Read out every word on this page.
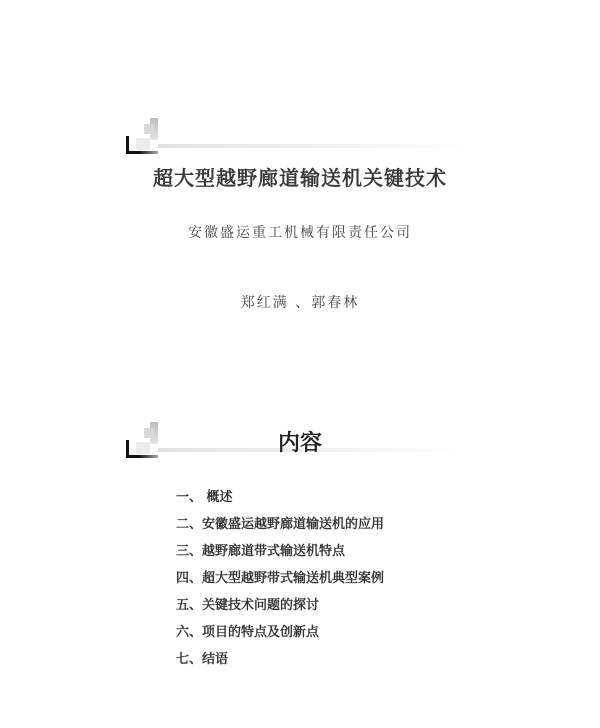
超大型越野廊道输送机关键技术
安徽盛运重工机械有限责任公司
郑红满 、郭春林
内容
一、 概述
二、安徽盛运越野廊道输送机的应用
三、越野廊道带式输送机特点
四、超大型越野带式输送机典型案例
五、关键技术问题的探讨
六、项目的特点及创新点
七、结语
